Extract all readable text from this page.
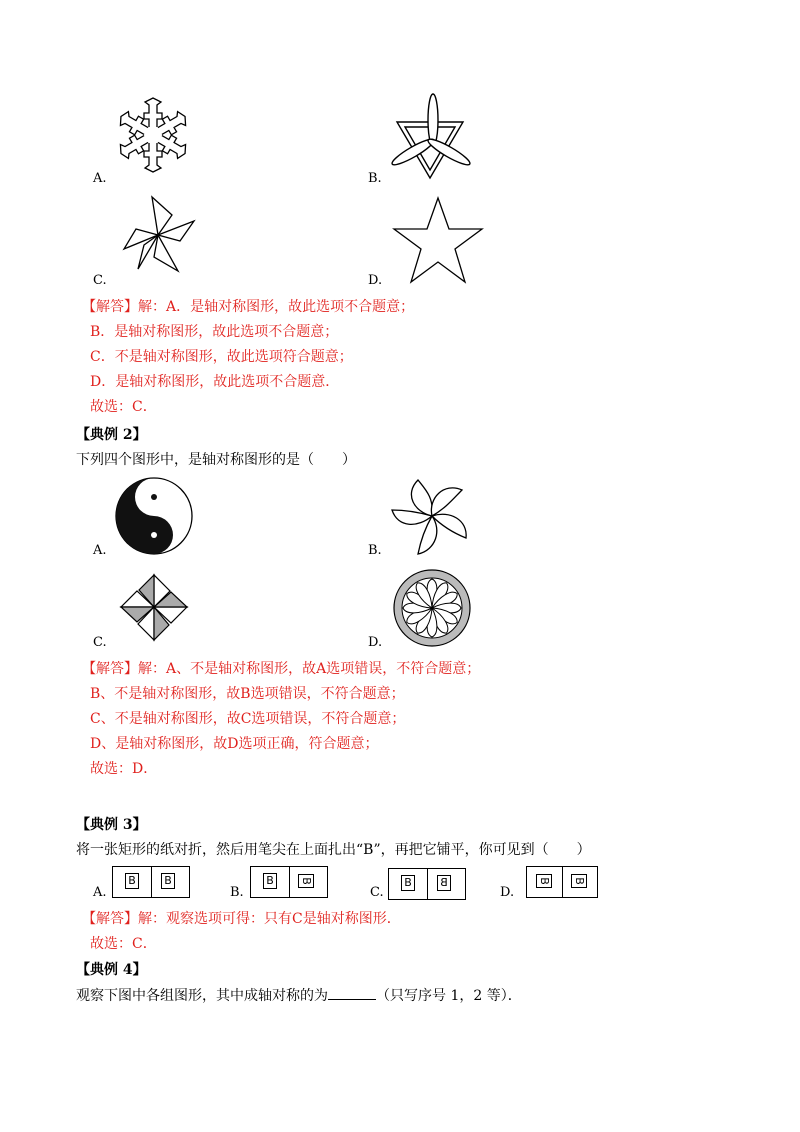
A.	B.
C.	D.
【解答】解：A．是轴对称图形，故此选项不合题意；
B．是轴对称图形，故此选项不合题意；
C．不是轴对称图形，故此选项符合题意；
D．是轴对称图形，故此选项不合题意．
故选：C．
【典例 2】
下列四个图形中，是轴对称图形的是（　　）
A.	B.
C.	D.
【解答】解：A、不是轴对称图形，故A选项错误，不符合题意；
B、不是轴对称图形，故B选项错误，不符合题意；
C、不是轴对称图形，故C选项错误，不符合题意；
D、是轴对称图形，故D选项正确，符合题意；
故选：D．
【典例 3】
将一张矩形的纸对折，然后用笔尖在上面扎出“B”，再把它铺平，你可见到（　　）
A.
B	B
B.
B	B
C.
B	B
D.
B	B
【解答】解：观察选项可得：只有C是轴对称图形．
故选：C．
【典例 4】
观察下图中各组图形，其中成轴对称的为	（只写序号 1，2 等）．
